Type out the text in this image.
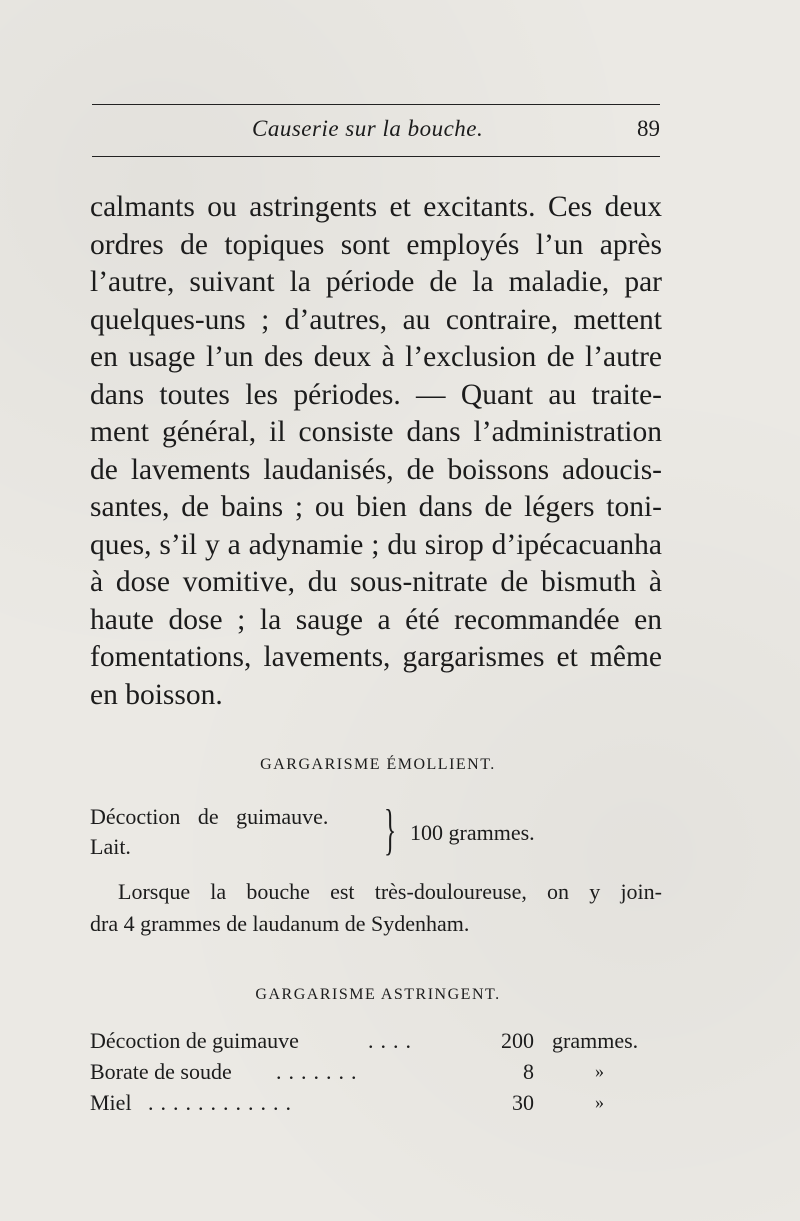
Causerie sur la bouche.	89
calmants ou astringents et excitants. Ces deux
ordres de topiques sont employés l’un après
l’autre, suivant la période de la maladie, par
quelques-uns ; d’autres, au contraire, mettent
en usage l’un des deux à l’exclusion de l’autre
dans toutes les périodes. — Quant au traite-
ment général, il consiste dans l’administration
de lavements laudanisés, de boissons adoucis-
santes, de bains ; ou bien dans de légers toni-
ques, s’il y a adynamie ; du sirop d’ipécacuanha
à dose vomitive, du sous-nitrate de bismuth à
haute dose ; la sauge a été recommandée en
fomentations, lavements, gargarismes et même
en boisson.
GARGARISME ÉMOLLIENT.
Décoction de guimauve.
Lait.	} 100 grammes.
Lorsque la bouche est très-douloureuse, on y join-
dra 4 grammes de laudanum de Sydenham.
GARGARISME ASTRINGENT.
Décoction de guimauve	....	200 grammes.
Borate de soude .......	8	»
Miel ............	30	»
